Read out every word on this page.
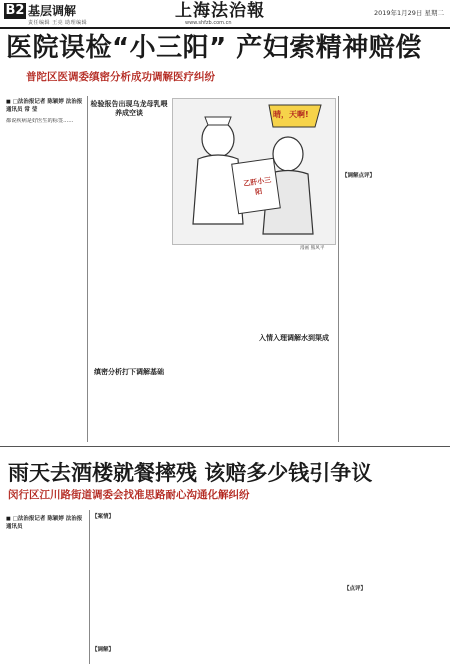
B2 基层调解
责任编辑 王亮 助理编辑
上海法治報
www.shfzb.com.cn
2019年1月29日 星期二
医院误检“小三阳” 产妇索精神赔偿
普陀区医调委缜密分析成功调解医疗纠纷
■ □法治报记者 陈颖婷 法治报通讯员 常 莹
都说疾病是好医生的标签……
检验报告出现乌龙母乳喂养成空谈
缜密分析打下调解基础
晴，天啊!
乙肝小三阳
漫画 熊风平
入情入理调解水到渠成
【调解点评】
雨天去酒楼就餐摔残 该赔多少钱引争议
闵行区江川路街道调委会找准思路耐心沟通化解纠纷
■ □法治报记者 陈颖婷 法治报通讯员
【案情】
【调解】
【点评】
